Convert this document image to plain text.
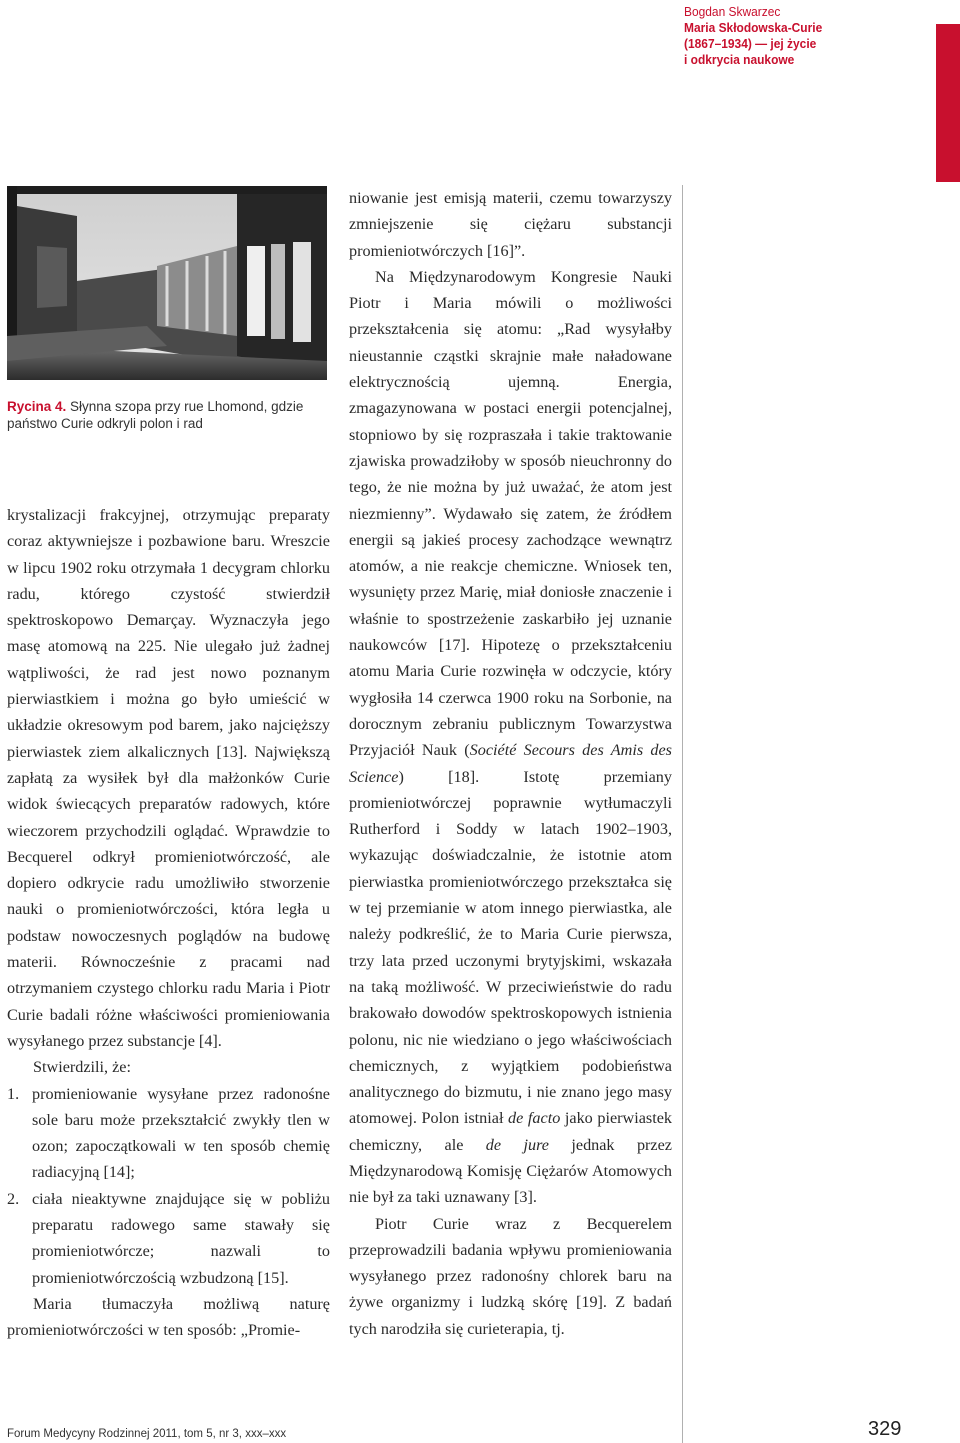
Bogdan Skwarzec
Maria Skłodowska-Curie
(1867–1934) — jej życie
i odkrycia naukowe
Rycina 4. Słynna szopa przy rue Lhomond, gdzie państwo Curie odkryli polon i rad

krystalizacji frakcyjnej, otrzymując preparaty coraz aktywniejsze i pozbawione baru. Wreszcie w lipcu 1902 roku otrzymała 1 decygram chlorku radu, którego czystość stwierdził spektroskopowo Demarçay. Wyznaczyła jego masę atomową na 225. Nie ulegało już żadnej wątpliwości, że rad jest nowo poznanym pierwiastkiem i można go było umieścić w układzie okresowym pod barem, jako najcięższy pierwiastek ziem alkalicznych [13]. Największą zapłatą za wysiłek był dla małżonków Curie widok świecących preparatów radowych, które wieczorem przychodzili oglądać. Wprawdzie to Becquerel odkrył promieniotwórczość, ale dopiero odkrycie radu umożliwiło stworzenie nauki o promieniotwórczości, która legła u podstaw nowoczesnych poglądów na budowę materii. Równocześnie z pracami nad otrzymaniem czystego chlorku radu Maria i Piotr Curie badali różne właściwości promieniowania wysyłanego przez substancje [4].

Stwierdzili, że:

1. promieniowanie wysyłane przez radonośne sole baru może przekształcić zwykły tlen w ozon; zapoczątkowali w ten sposób chemię radiacyjną [14];
2. ciała nieaktywne znajdujące się w pobliżu preparatu radowego same stawały się promieniotwórcze; nazwali to promieniotwórczością wzbudzoną [15].

Maria tłumaczyła możliwą naturę promieniotwórczości w ten sposób: „Promie-

niowanie jest emisją materii, czemu towarzyszy zmniejszenie się ciężaru substancji promieniotwórczych [16]”.

Na Międzynarodowym Kongresie Nauki Piotr i Maria mówili o możliwości przekształcenia się atomu: „Rad wysyłałby nieustannie cząstki skrajnie małe naładowane elektrycznością ujemną. Energia, zmagazynowana w postaci energii potencjalnej, stopniowo by się rozpraszała i takie traktowanie zjawiska prowadziłoby w sposób nieuchronny do tego, że nie można by już uważać, że atom jest niezmienny”. Wydawało się zatem, że źródłem energii są jakieś procesy zachodzące wewnątrz atomów, a nie reakcje chemiczne. Wniosek ten, wysunięty przez Marię, miał doniosłe znaczenie i właśnie to spostrzeżenie zaskarbiło jej uznanie naukowców [17]. Hipotezę o przekształceniu atomu Maria Curie rozwinęła w odczycie, który wygłosiła 14 czerwca 1900 roku na Sorbonie, na dorocznym zebraniu publicznym Towarzystwa Przyjaciół Nauk (Société Secours des Amis des Science) [18]. Istotę przemiany promieniotwórczej poprawnie wytłumaczyli Rutherford i Soddy w latach 1902–1903, wykazując doświadczalnie, że istotnie atom pierwiastka promieniotwórczego przekształca się w tej przemianie w atom innego pierwiastka, ale należy podkreślić, że to Maria Curie pierwsza, trzy lata przed uczonymi brytyjskimi, wskazała na taką możliwość. W przeciwieństwie do radu brakowało dowodów spektroskopowych istnienia polonu, nic nie wiedziano o jego właściwościach chemicznych, z wyjątkiem podobieństwa analitycznego do bizmutu, i nie znano jego masy atomowej. Polon istniał de facto jako pierwiastek chemiczny, ale de jure jednak przez Międzynarodową Komisję Ciężarów Atomowych nie był za taki uznawany [3].

Piotr Curie wraz z Becquerelem przeprowadzili badania wpływu promieniowania wysyłanego przez radonośny chlorek baru na żywe organizmy i ludzką skórę [19]. Z badań tych narodziła się curieterapia, tj.

Forum Medycyny Rodzinnej 2011, tom 5, nr 3, xxx–xxx	329
